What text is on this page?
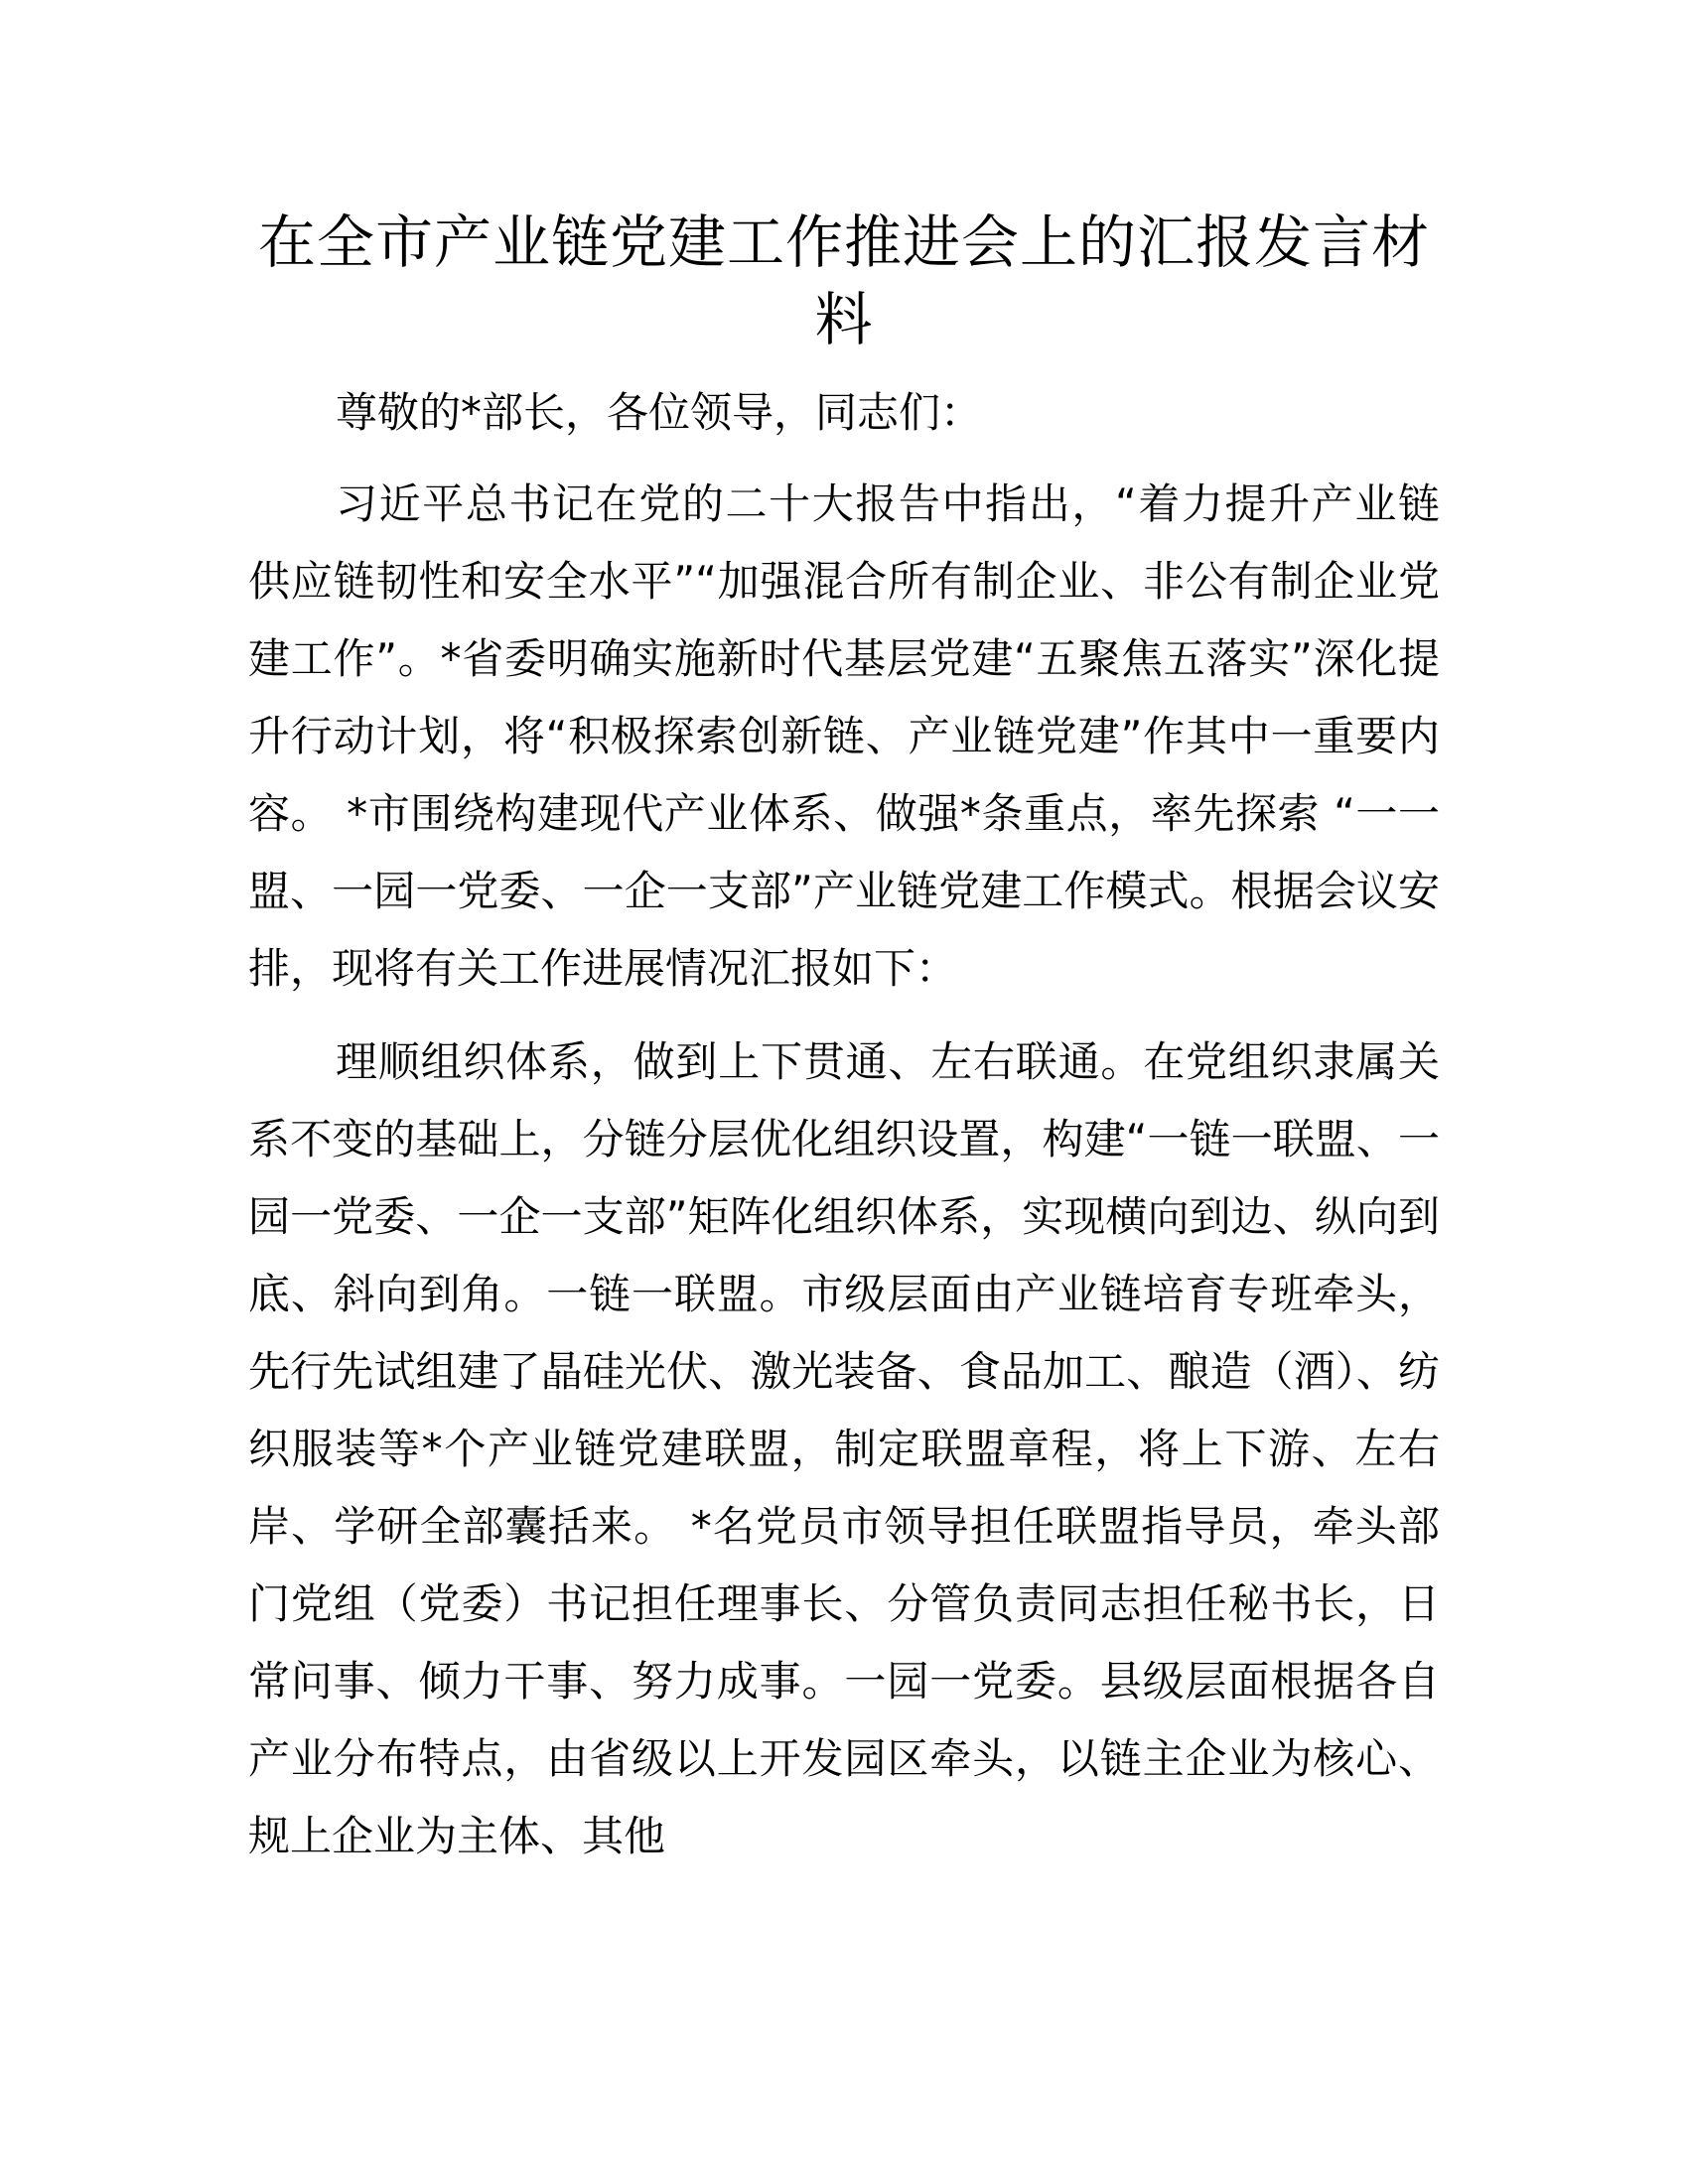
在全市产业链党建工作推进会上的汇报发言材料

尊敬的*部长，各位领导，同志们：

习近平总书记在党的二十大报告中指出，“着力提升产业链供应链韧性和安全水平”“加强混合所有制企业、非公有制企业党建工作”。*省委明确实施新时代基层党建“五聚焦五落实”深化提升行动计划，将“积极探索创新链、产业链党建”作其中一重要内容。 *市围绕构建现代产业体系、做强*条重点，率先探索 “一一盟、一园一党委、一企一支部”产业链党建工作模式。根据会议安排，现将有关工作进展情况汇报如下：

理顺组织体系，做到上下贯通、左右联通。在党组织隶属关系不变的基础上，分链分层优化组织设置，构建“一链一联盟、一园一党委、一企一支部”矩阵化组织体系，实现横向到边、纵向到底、斜向到角。一链一联盟。市级层面由产业链培育专班牵头，先行先试组建了晶硅光伏、激光装备、食品加工、酿造（酒）、纺织服装等*个产业链党建联盟，制定联盟章程，将上下游、左右岸、学研全部囊括来。 *名党员市领导担任联盟指导员，牵头部门党组（党委）书记担任理事长、分管负责同志担任秘书长，日常问事、倾力干事、努力成事。一园一党委。县级层面根据各自产业分布特点，由省级以上开发园区牵头，以链主企业为核心、规上企业为主体、其他
